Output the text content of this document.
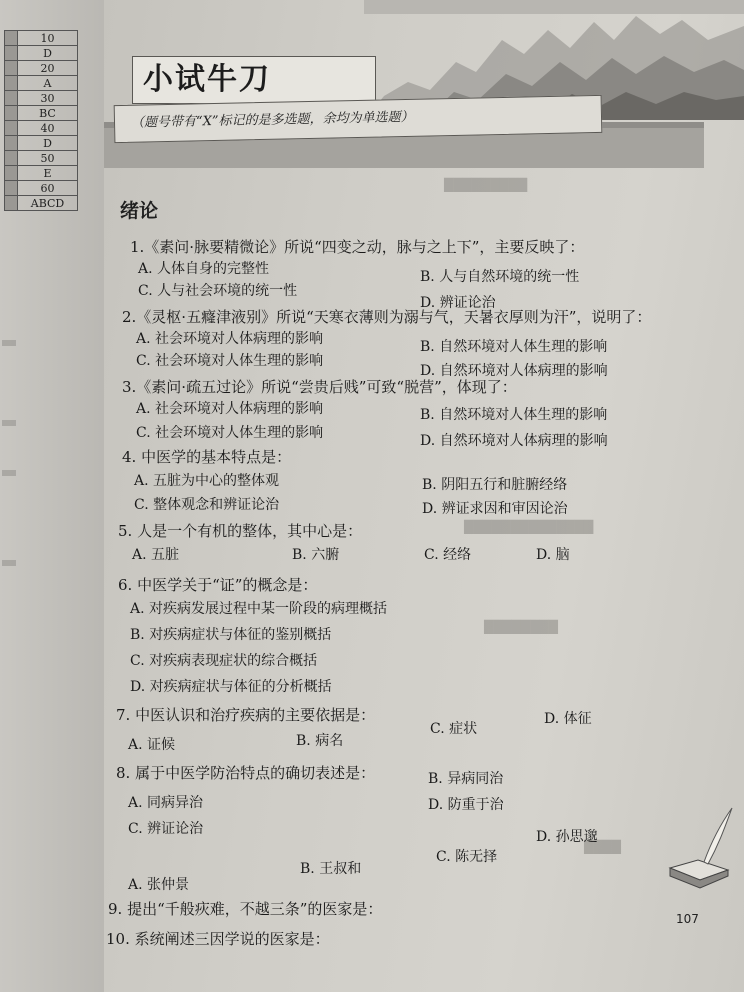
	10
	D
	20
	A
	30
	BC
	40
	D
	50
	E
	60
	ABCD
小试牛刀
（题号带有“X”标记的是多选题，余均为单选题）
绪论
█████████
██████████████
████████
████
1.《素问·脉要精微论》所说“四变之动，脉与之上下”，主要反映了：
A. 人体自身的完整性	B. 人与自然环境的统一性
C. 人与社会环境的统一性
D. 辨证论治
2.《灵枢·五癃津液别》所说“天寒衣薄则为溺与气，天暑衣厚则为汗”，说明了：
A. 社会环境对人体病理的影响	B. 自然环境对人体生理的影响
C. 社会环境对人体生理的影响
D. 自然环境对人体病理的影响
3.《素问·疏五过论》所说“尝贵后贱”可致“脱营”，体现了：
A. 社会环境对人体病理的影响	B. 自然环境对人体生理的影响
C. 社会环境对人体生理的影响	D. 自然环境对人体病理的影响
4. 中医学的基本特点是：
A. 五脏为中心的整体观	B. 阴阳五行和脏腑经络
C. 整体观念和辨证论治	D. 辨证求因和审因论治
5. 人是一个有机的整体，其中心是：
A. 五脏	B. 六腑	C. 经络	D. 脑
6. 中医学关于“证”的概念是：
A. 对疾病发展过程中某一阶段的病理概括
B. 对疾病症状与体征的鉴别概括
C. 对疾病表现症状的综合概括
D. 对疾病症状与体征的分析概括
7. 中医认识和治疗疾病的主要依据是：
A. 证候	B. 病名
C. 症状
D. 体征
8. 属于中医学防治特点的确切表述是：
A. 同病异治
B. 异病同治
C. 辨证论治
D. 防重于治
A. 张仲景
B. 王叔和
C. 陈无择
D. 孙思邈
9. 提出“千般疢难，不越三条”的医家是：
10. 系统阐述三因学说的医家是：
107
